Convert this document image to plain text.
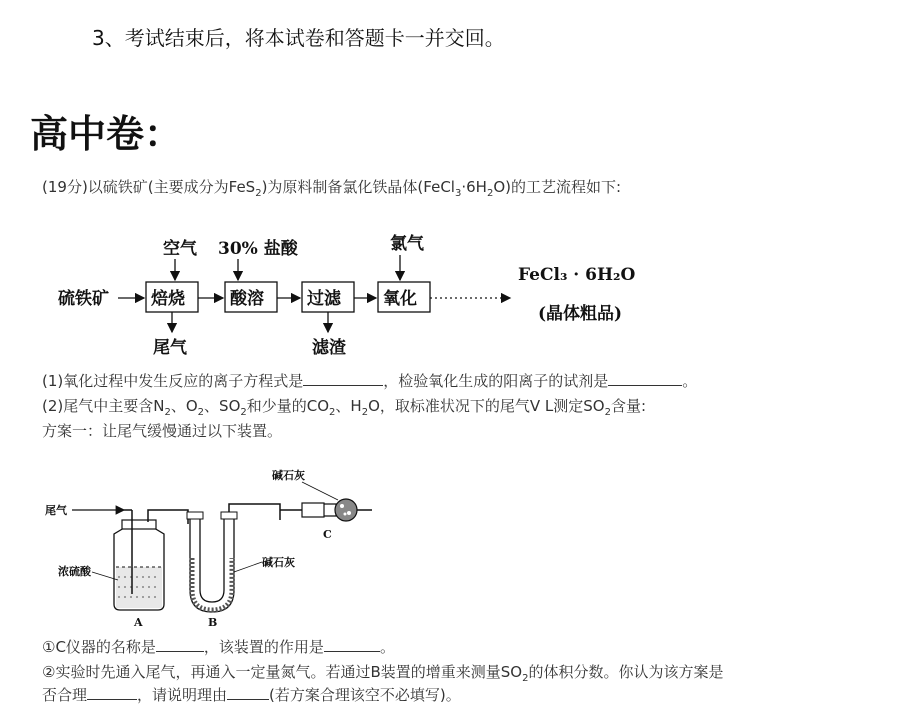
3、考试结束后，将本试卷和答题卡一并交回。
高中卷：
(19分)以硫铁矿(主要成分为FeS$_2$)为原料制备氯化铁晶体$(FeCl_3\cdot 6H_2O)$的工艺流程如下:
空气 30% 盐酸	氯气
硫铁矿 焙烧	酸溶	过滤 氧化
FeCl₃ · 6H₂O
(晶体粗品)
尾气	滤渣
(1)氧化过程中发生反应的离子方程式是	，检验氧化生成的阳离子的试剂是	。
(2)尾气中主要含$N_2$、$O_2$、$SO_2$和少量的$CO_2$、$H_2O$，取标准状况下的尾气V L测定$SO_2$含量:
方案一：让尾气缓慢通过以下装置。
尾气
浓硫酸
A	B
碱石灰
碱石灰
C
①C仪器的名称是	，该装置的作用是	。
②实验时先通入尾气，再通入一定量氮气。若通过B装置的增重来测量$SO_2$的体积分数。你认为该方案是
否合理	，请说明理由	(若方案合理该空不必填写)。
